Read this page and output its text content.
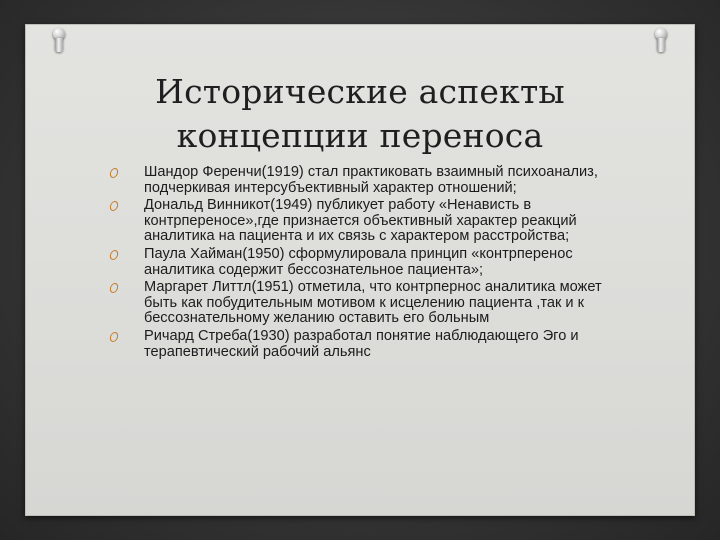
Исторические аспекты
концепции переноса
Шандор Ференчи(1919) стал практиковать взаимный психоанализ, подчеркивая интерсубъективный характер отношений;
Дональд Винникот(1949) публикует работу «Ненависть в контрпереносе»,где признается объективный характер реакций аналитика на пациента и их связь с характером расстройства;
Паула Хайман(1950) сформулировала принцип «контрперенос аналитика содержит бессознательное пациента»;
Маргарет Литтл(1951) отметила, что контрпернос аналитика может быть как побудительным мотивом к исцелению пациента ,так и к бессознательному желанию оставить его больным
Ричард Стреба(1930) разработал понятие наблюдающего Эго и терапевтический рабочий альянс
